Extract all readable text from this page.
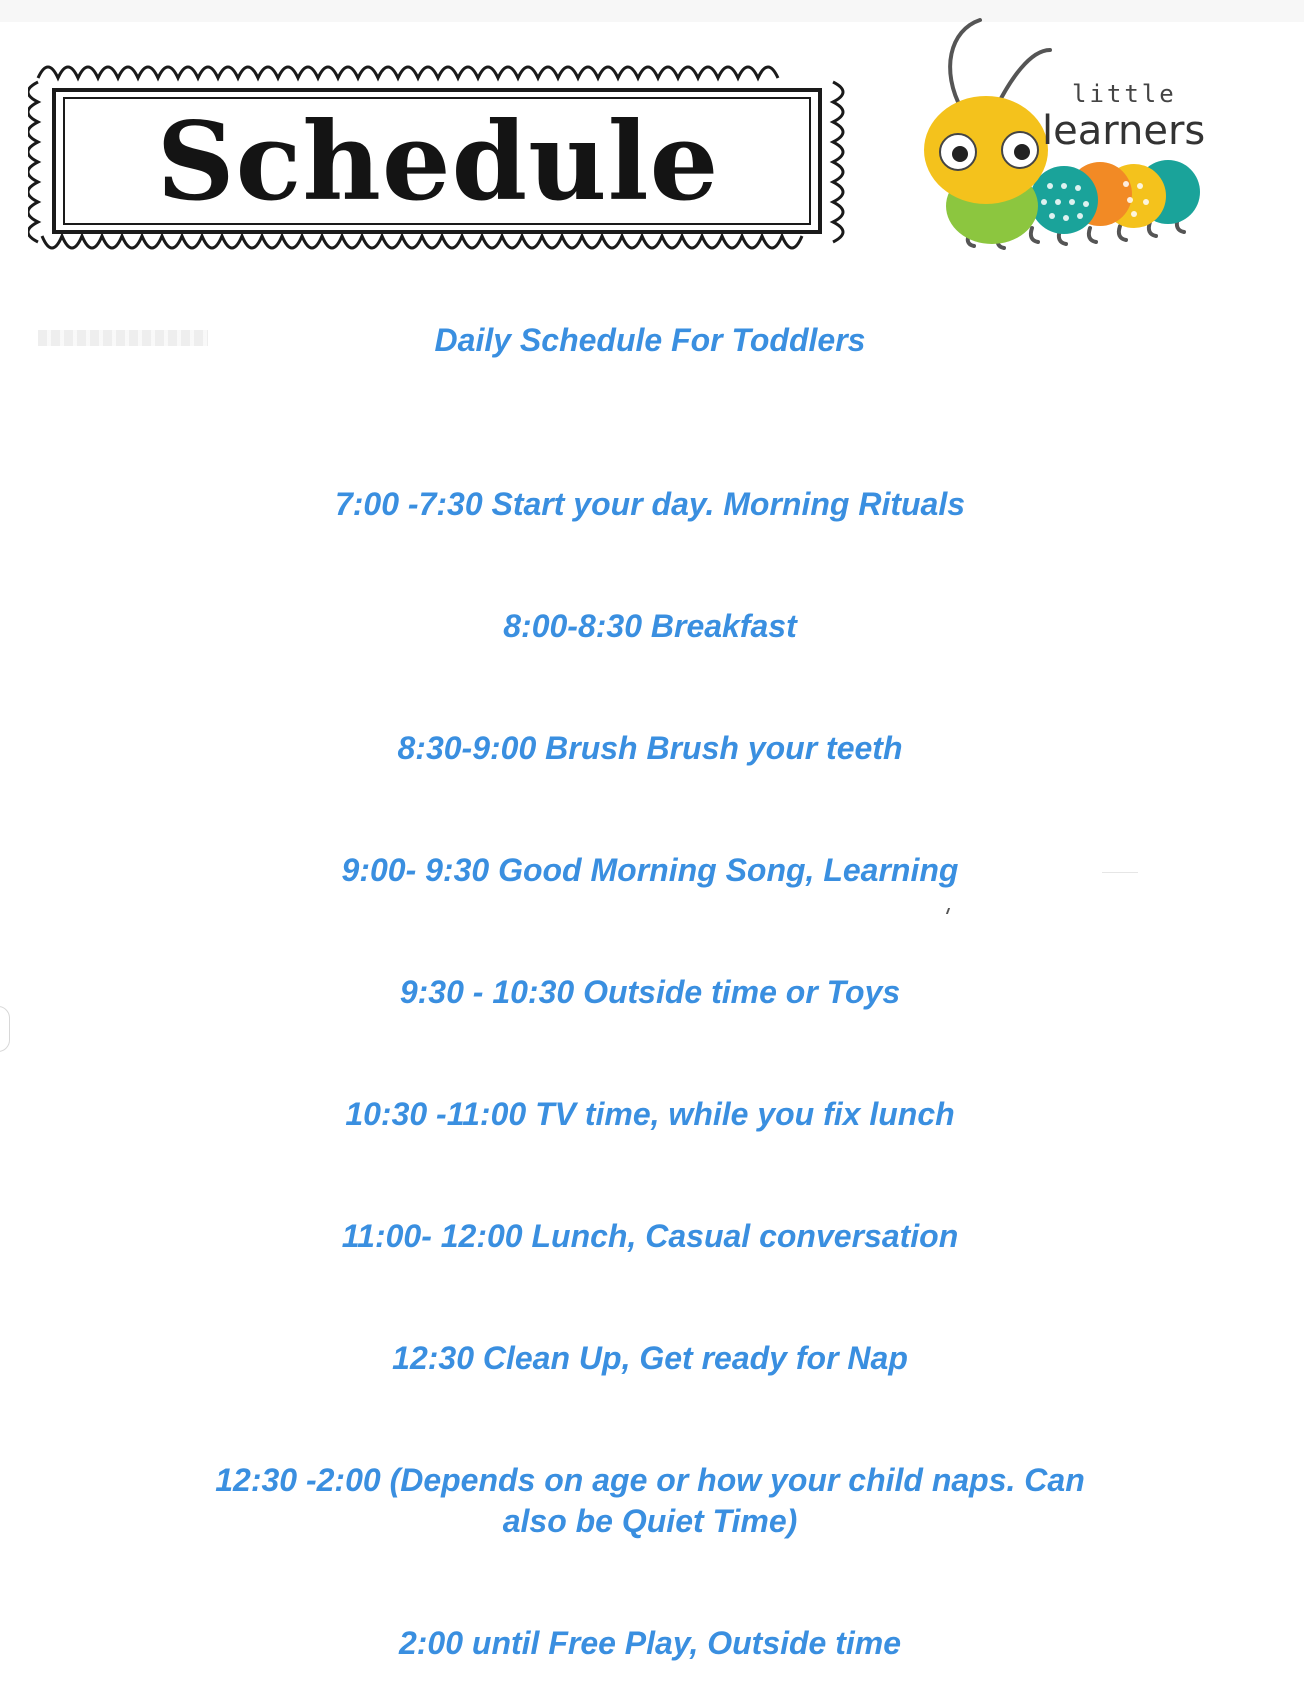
Schedule
little
learners
Daily Schedule For Toddlers

7:00 -7:30 Start your day. Morning Rituals

8:00-8:30 Breakfast

8:30-9:00 Brush Brush your teeth

9:00- 9:30 Good Morning Song, Learning

9:30 - 10:30 Outside time or Toys

10:30 -11:00 TV time, while you fix lunch

11:00- 12:00 Lunch, Casual conversation

12:30 Clean Up, Get ready for Nap

12:30 -2:00 (Depends on age or how your child naps. Can also be Quiet Time)

2:00 until Free Play, Outside time
